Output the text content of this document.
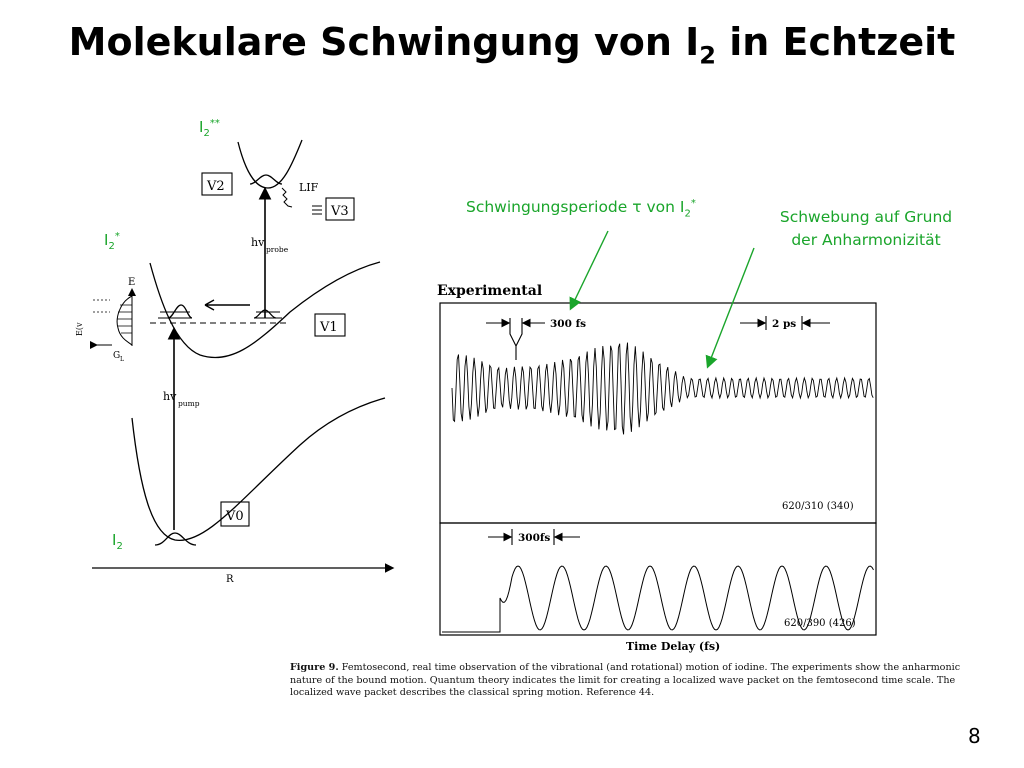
Molekulare Schwingung von $I_2$ in Echtzeit
$I_2^{**}$
$I_2^*$
$I_2$
Schwingungsperiode τ von $I_2^*$
Schwebung auf Grund
der Anharmonizität
V2
V3
V1
V0
LIF
hv
probe
hv
pump
R
E
E(v
G L
Experimental
300 fs	2 ps
620/310 (340)
300fs
620/390 (426)
Time Delay (fs)
Figure 9. Femtosecond, real time observation of the vibrational (and rotational) motion of iodine. The experiments show the anharmonic nature of the bound motion. Quantum theory indicates the limit for creating a localized wave packet on the femtosecond time scale. The localized wave packet describes the classical spring motion. Reference 44.
8
